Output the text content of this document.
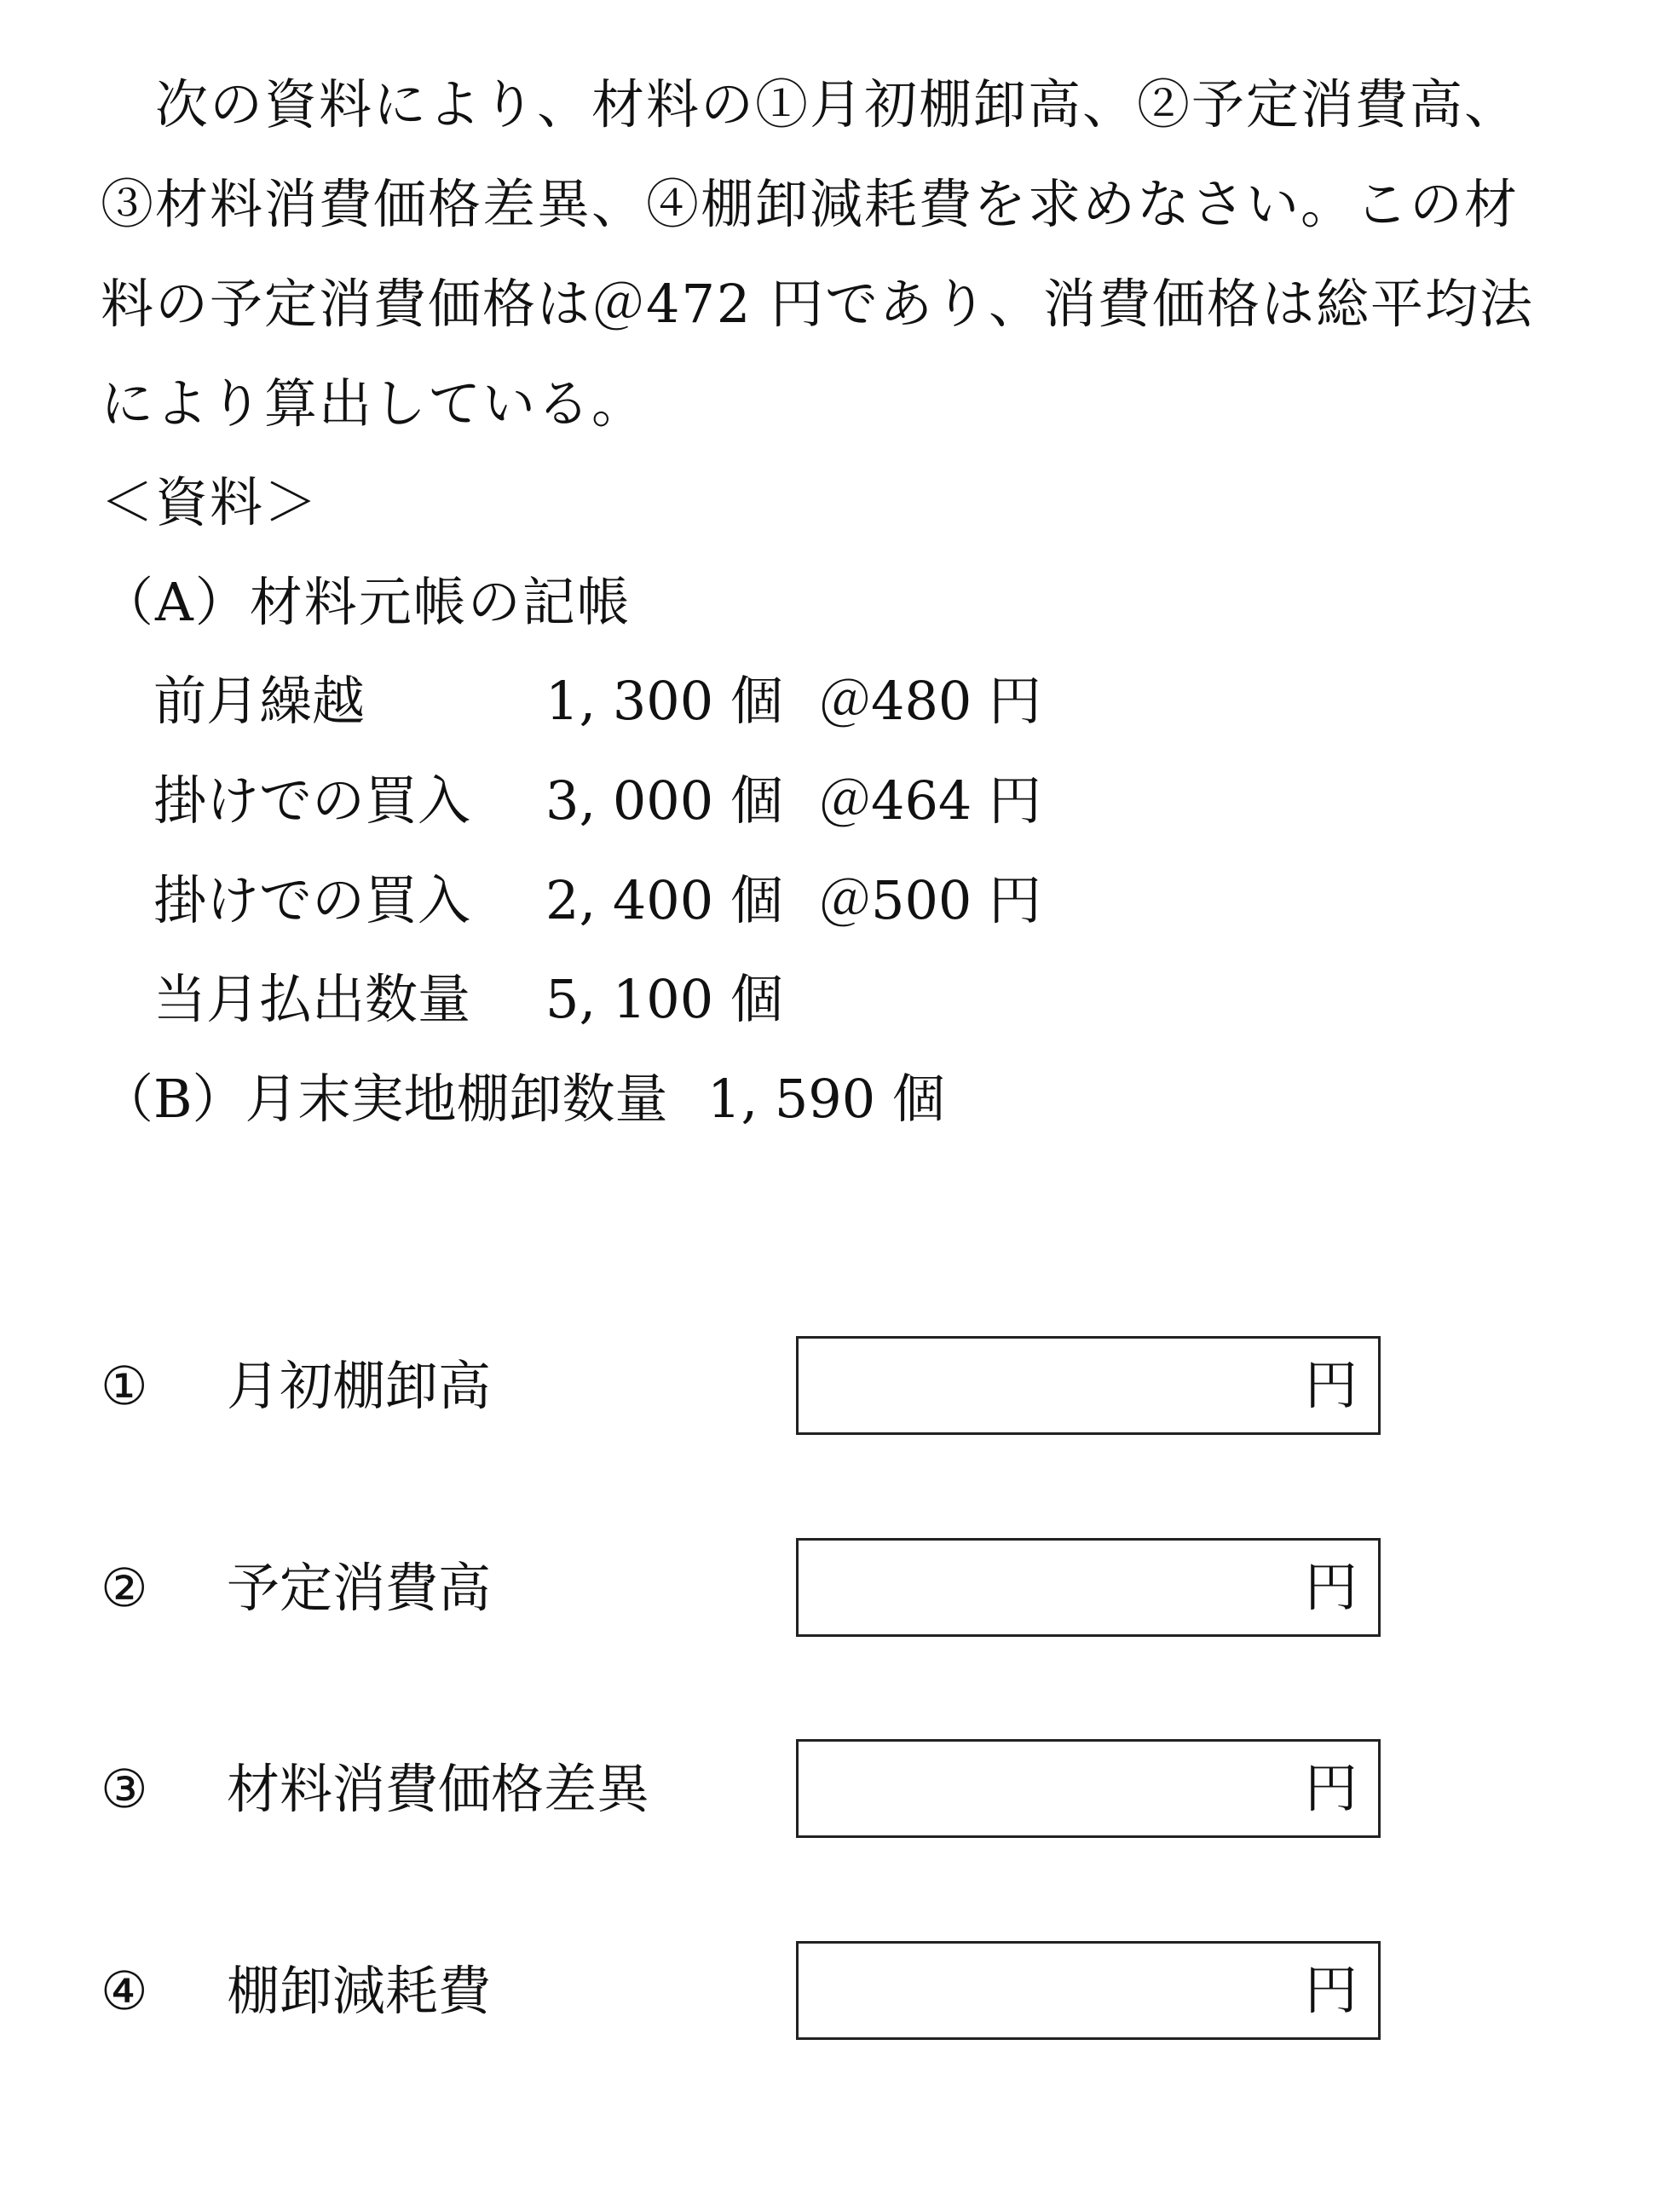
　次の資料により、材料の①月初棚卸高、②予定消費高、
③材料消費価格差異、④棚卸減耗費を求めなさい。この材
料の予定消費価格は＠472 円であり、消費価格は総平均法
により算出している。
＜資料＞
（A）材料元帳の記帳
前月繰越	1, 300 個 ＠480 円
掛けでの買入 3, 000 個 ＠464 円
掛けでの買入 2, 400 個 ＠500 円
当月払出数量 5, 100 個
（B）月末実地棚卸数量 1, 590 個
① 月初棚卸高	円
② 予定消費高	円
③ 材料消費価格差異	円
④ 棚卸減耗費	円
